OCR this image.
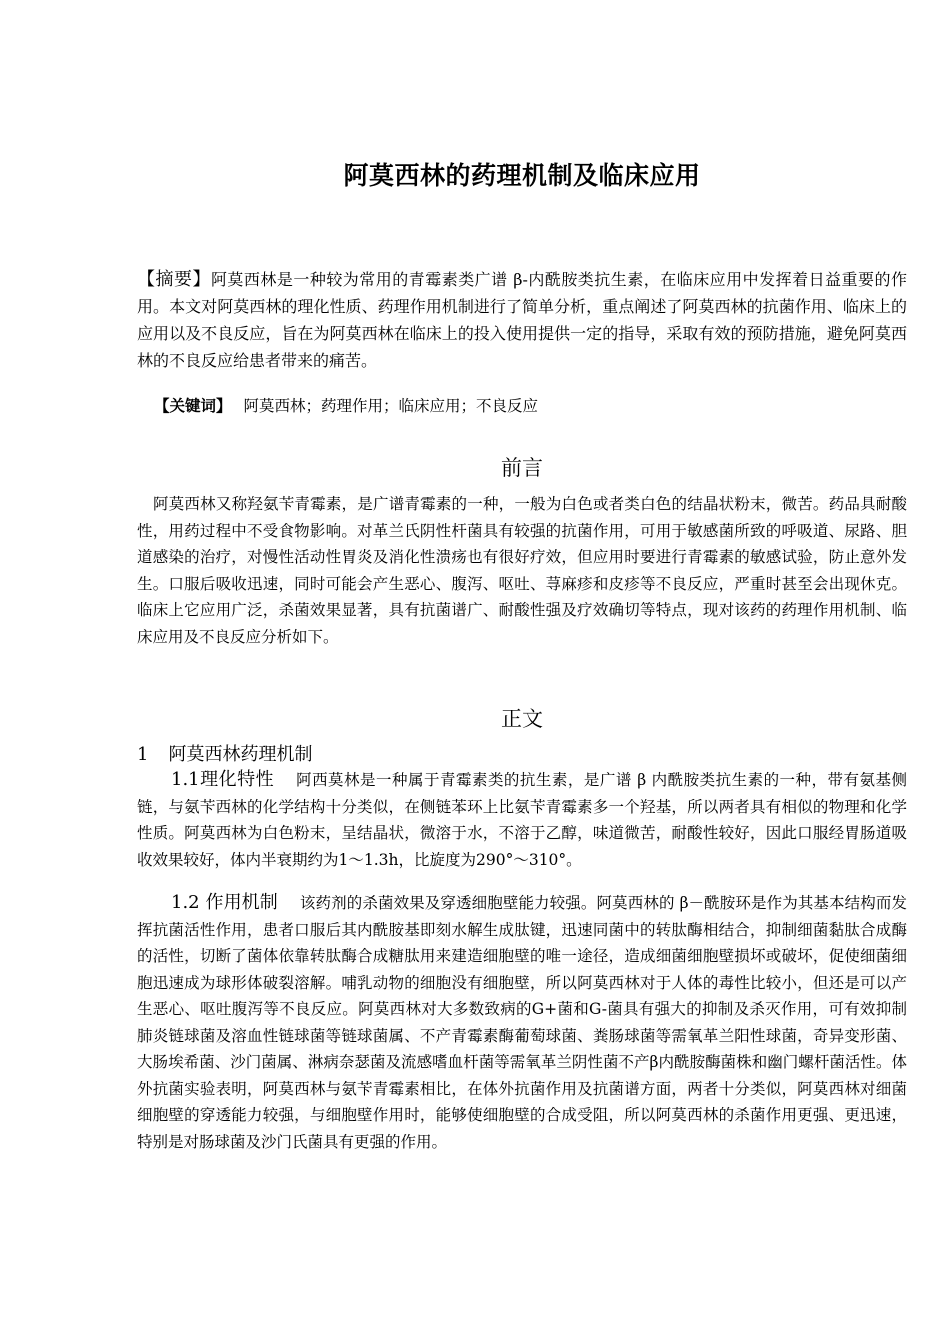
阿莫西林的药理机制及临床应用
【摘要】阿莫西林是一种较为常用的青霉素类广谱 β-内酰胺类抗生素，在临床应用中发挥着日益重要的作用。本文对阿莫西林的理化性质、药理作用机制进行了简单分析，重点阐述了阿莫西林的抗菌作用、临床上的应用以及不良反应，旨在为阿莫西林在临床上的投入使用提供一定的指导，采取有效的预防措施，避免阿莫西林的不良反应给患者带来的痛苦。
【关键词】 阿莫西林；药理作用；临床应用；不良反应
前言
阿莫西林又称羟氨苄青霉素，是广谱青霉素的一种，一般为白色或者类白色的结晶状粉末，微苦。药品具耐酸性，用药过程中不受食物影响。对革兰氏阴性杆菌具有较强的抗菌作用，可用于敏感菌所致的呼吸道、尿路、胆道感染的治疗，对慢性活动性胃炎及消化性溃疡也有很好疗效，但应用时要进行青霉素的敏感试验，防止意外发生。口服后吸收迅速，同时可能会产生恶心、腹泻、呕吐、荨麻疹和皮疹等不良反应，严重时甚至会出现休克。临床上它应用广泛，杀菌效果显著，具有抗菌谱广、耐酸性强及疗效确切等特点，现对该药的药理作用机制、临床应用及不良反应分析如下。
正文
1 阿莫西林药理机制
1.1理化特性 阿西莫林是一种属于青霉素类的抗生素，是广谱 β 内酰胺类抗生素的一种，带有氨基侧链，与氨苄西林的化学结构十分类似，在侧链苯环上比氨苄青霉素多一个羟基，所以两者具有相似的物理和化学性质。阿莫西林为白色粉末，呈结晶状，微溶于水，不溶于乙醇，味道微苦，耐酸性较好，因此口服经胃肠道吸收效果较好，体内半衰期约为1～1.3h，比旋度为290°～310°。
1.2 作用机制 该药剂的杀菌效果及穿透细胞壁能力较强。阿莫西林的 β－酰胺环是作为其基本结构而发挥抗菌活性作用，患者口服后其内酰胺基即刻水解生成肽键，迅速同菌中的转肽酶相结合，抑制细菌黏肽合成酶的活性，切断了菌体依靠转肽酶合成糖肽用来建造细胞壁的唯一途径，造成细菌细胞壁损坏或破坏，促使细菌细胞迅速成为球形体破裂溶解。哺乳动物的细胞没有细胞壁，所以阿莫西林对于人体的毒性比较小，但还是可以产生恶心、呕吐腹泻等不良反应。阿莫西林对大多数致病的G+菌和G-菌具有强大的抑制及杀灭作用，可有效抑制肺炎链球菌及溶血性链球菌等链球菌属、不产青霉素酶葡萄球菌、粪肠球菌等需氧革兰阳性球菌，奇异变形菌、大肠埃希菌、沙门菌属、淋病奈瑟菌及流感嗜血杆菌等需氧革兰阴性菌不产β内酰胺酶菌株和幽门螺杆菌活性。体外抗菌实验表明，阿莫西林与氨苄青霉素相比，在体外抗菌作用及抗菌谱方面，两者十分类似，阿莫西林对细菌细胞壁的穿透能力较强，与细胞壁作用时，能够使细胞壁的合成受阻，所以阿莫西林的杀菌作用更强、更迅速，特别是对肠球菌及沙门氏菌具有更强的作用。
